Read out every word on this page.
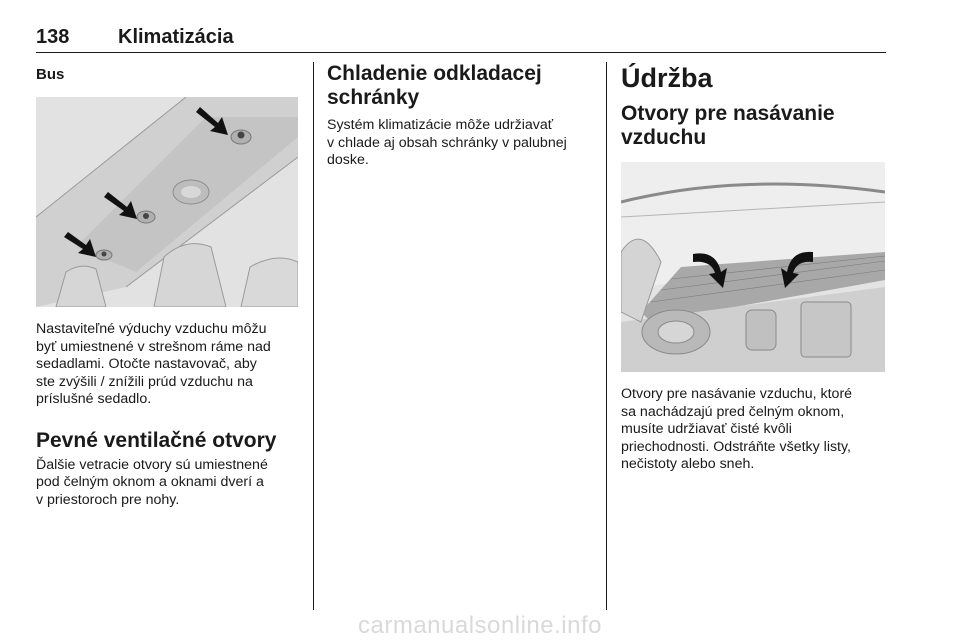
138 Klimatizácia
Bus

Nastaviteľné výduchy vzduchu môžu
byť umiestnené v strešnom ráme nad
sedadlami. Otočte nastavovač, aby
ste zvýšili / znížili prúd vzduchu na
príslušné sedadlo.

Pevné ventilačné otvory

Ďalšie vetracie otvory sú umiestnené
pod čelným oknom a oknami dverí a
v priestoroch pre nohy.

Chladenie odkladacej
schránky

Systém klimatizácie môže udržiavať
v chlade aj obsah schránky v palubnej
doske.

Údržba
Otvory pre nasávanie
vzduchu

Otvory pre nasávanie vzduchu, ktoré
sa nachádzajú pred čelným oknom,
musíte udržiavať čisté kvôli
priechodnosti. Odstráňte všetky listy,
nečistoty alebo sneh.

carmanualsonline.info
